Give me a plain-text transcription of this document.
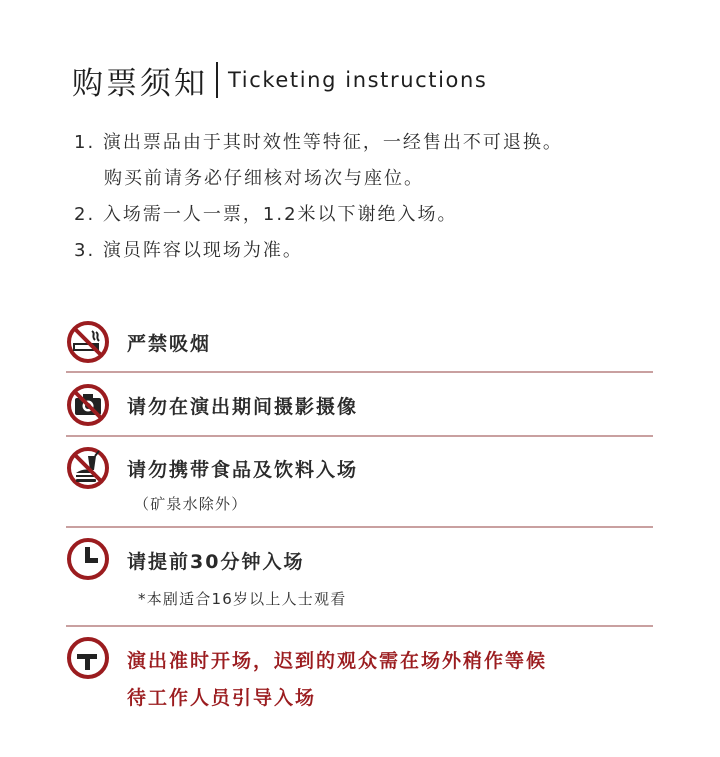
购票须知 Ticketing instructions
1. 演出票品由于其时效性等特征，一经售出不可退换。
购买前请务必仔细核对场次与座位。
2. 入场需一人一票，1.2米以下谢绝入场。
3. 演员阵容以现场为准。
严禁吸烟
请勿在演出期间摄影摄像
请勿携带食品及饮料入场
（矿泉水除外）
请提前30分钟入场
*本剧适合16岁以上人士观看
演出准时开场，迟到的观众需在场外稍作等候
待工作人员引导入场
